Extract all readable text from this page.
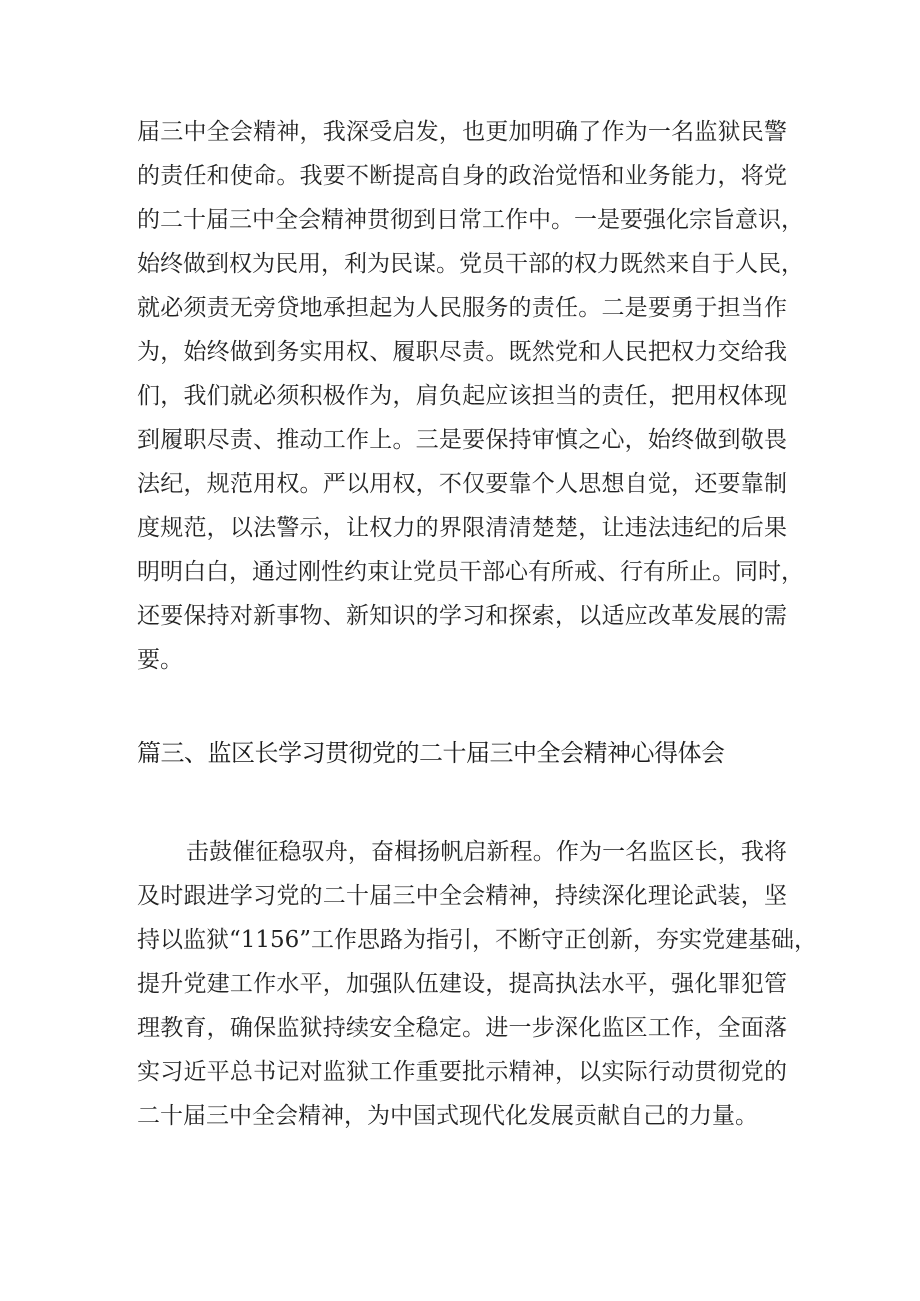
届三中全会精神，我深受启发，也更加明确了作为一名监狱民警
的责任和使命。我要不断提高自身的政治觉悟和业务能力，将党
的二十届三中全会精神贯彻到日常工作中。一是要强化宗旨意识，
始终做到权为民用，利为民谋。党员干部的权力既然来自于人民，
就必须责无旁贷地承担起为人民服务的责任。二是要勇于担当作
为，始终做到务实用权、履职尽责。既然党和人民把权力交给我
们，我们就必须积极作为，肩负起应该担当的责任，把用权体现
到履职尽责、推动工作上。三是要保持审慎之心，始终做到敬畏
法纪，规范用权。严以用权，不仅要靠个人思想自觉，还要靠制
度规范，以法警示，让权力的界限清清楚楚，让违法违纪的后果
明明白白，通过刚性约束让党员干部心有所戒、行有所止。同时，
还要保持对新事物、新知识的学习和探索，以适应改革发展的需
要。
篇三、监区长学习贯彻党的二十届三中全会精神心得体会
击鼓催征稳驭舟，奋楫扬帆启新程。作为一名监区长，我将
及时跟进学习党的二十届三中全会精神，持续深化理论武装，坚
持以监狱“1156”工作思路为指引，不断守正创新，夯实党建基础，
提升党建工作水平，加强队伍建设，提高执法水平，强化罪犯管
理教育，确保监狱持续安全稳定。进一步深化监区工作，全面落
实习近平总书记对监狱工作重要批示精神，以实际行动贯彻党的
二十届三中全会精神，为中国式现代化发展贡献自己的力量。
